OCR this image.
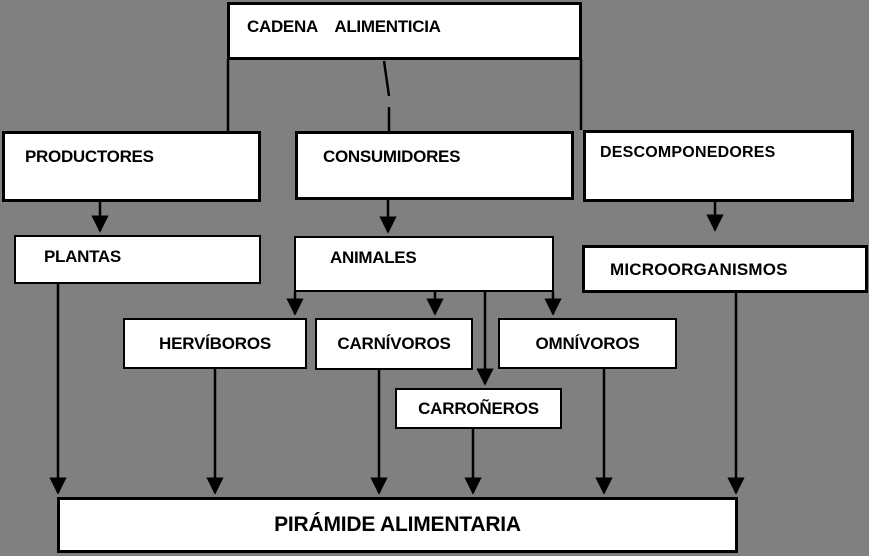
CADENA    ALIMENTICIA
PRODUCTORES	CONSUMIDORES	DESCOMPONEDORES
PLANTAS	ANIMALES
MICROORGANISMOS
HERVÍBOROS	CARNÍVOROS	OMNÍVOROS
CARROÑEROS
PIRÁMIDE ALIMENTARIA
